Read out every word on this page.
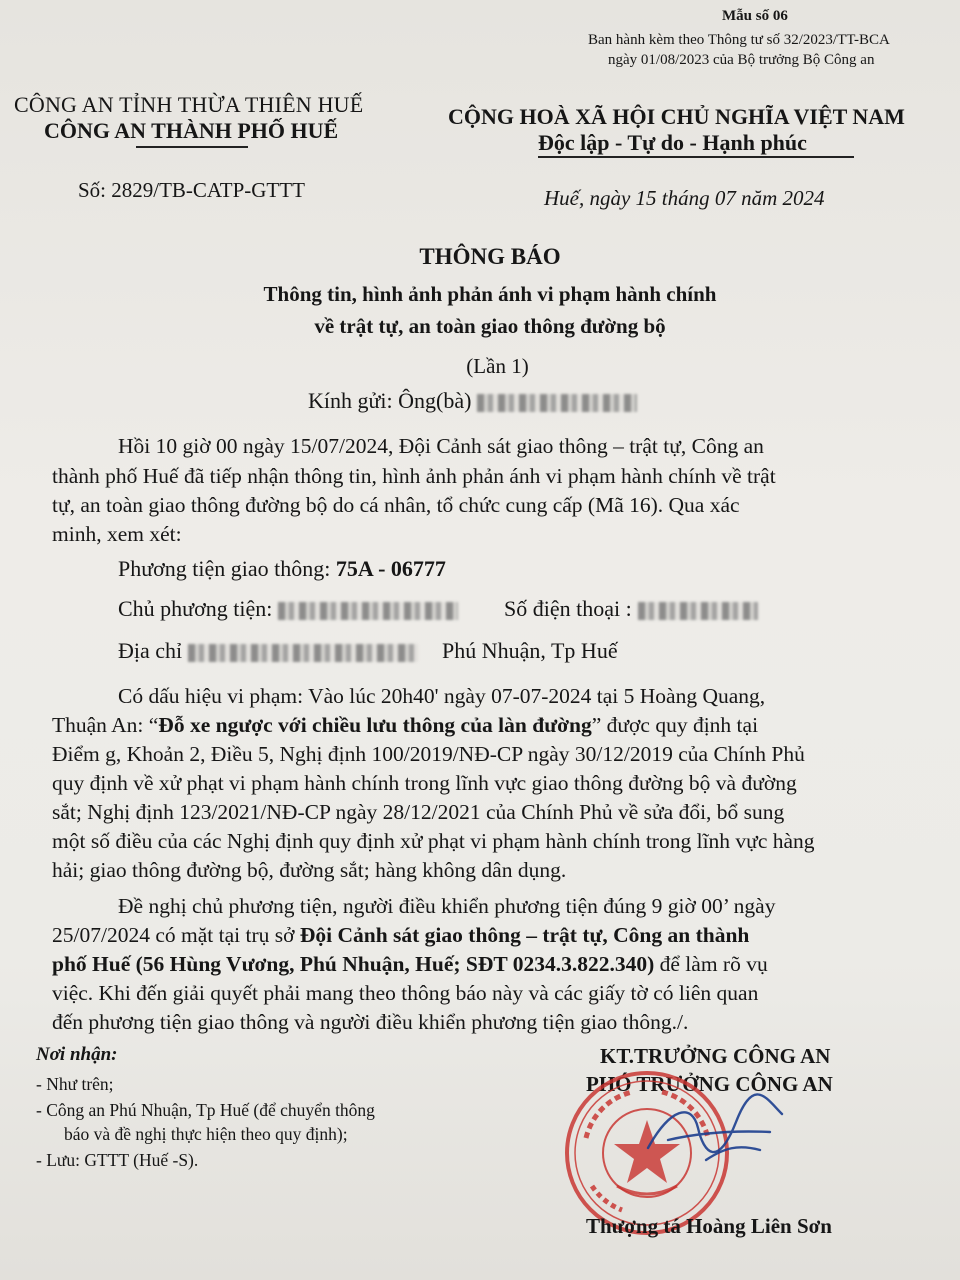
Mẫu số 06
Ban hành kèm theo Thông tư số 32/2023/TT-BCA
ngày 01/08/2023 của Bộ trưởng Bộ Công an
CÔNG AN TỈNH THỪA THIÊN HUẾ
CÔNG AN THÀNH PHỐ HUẾ
CỘNG HOÀ XÃ HỘI CHỦ NGHĨA VIỆT NAM
Độc lập - Tự do - Hạnh phúc
Số: 2829/TB-CATP-GTTT	Huế, ngày 15 tháng 07 năm 2024
THÔNG BÁO
Thông tin, hình ảnh phản ánh vi phạm hành chính
về trật tự, an toàn giao thông đường bộ
(Lần 1)
Kính gửi: Ông(bà)
Hồi 10 giờ 00 ngày 15/07/2024, Đội Cảnh sát giao thông – trật tự, Công an
thành phố Huế đã tiếp nhận thông tin, hình ảnh phản ánh vi phạm hành chính về trật
tự, an toàn giao thông đường bộ do cá nhân, tổ chức cung cấp (Mã 16). Qua xác
minh, xem xét:
Phương tiện giao thông: 75A - 06777
Chủ phương tiện:	Số điện thoại :
Địa chỉ	Phú Nhuận, Tp Huế
Có dấu hiệu vi phạm: Vào lúc 20h40' ngày 07-07-2024 tại 5 Hoàng Quang,
Thuận An: “Đỗ xe ngược với chiều lưu thông của làn đường” được quy định tại
Điểm g, Khoản 2, Điều 5, Nghị định 100/2019/NĐ-CP ngày 30/12/2019 của Chính Phủ
quy định về xử phạt vi phạm hành chính trong lĩnh vực giao thông đường bộ và đường
sắt; Nghị định 123/2021/NĐ-CP ngày 28/12/2021 của Chính Phủ về sửa đổi, bổ sung
một số điều của các Nghị định quy định xử phạt vi phạm hành chính trong lĩnh vực hàng
hải; giao thông đường bộ, đường sắt; hàng không dân dụng.
Đề nghị chủ phương tiện, người điều khiển phương tiện đúng 9 giờ 00’ ngày
25/07/2024 có mặt tại trụ sở Đội Cảnh sát giao thông – trật tự, Công an thành
phố Huế (56 Hùng Vương, Phú Nhuận, Huế; SĐT 0234.3.822.340) để làm rõ vụ
việc. Khi đến giải quyết phải mang theo thông báo này và các giấy tờ có liên quan
đến phương tiện giao thông và người điều khiển phương tiện giao thông./.
Nơi nhận:
- Như trên;
- Công an Phú Nhuận, Tp Huế (để chuyển thông
báo và đề nghị thực hiện theo quy định);
- Lưu: GTTT (Huế -S).
KT.TRƯỞNG CÔNG AN
PHÓ TRƯỞNG CÔNG AN
Thượng tá Hoàng Liên Sơn
